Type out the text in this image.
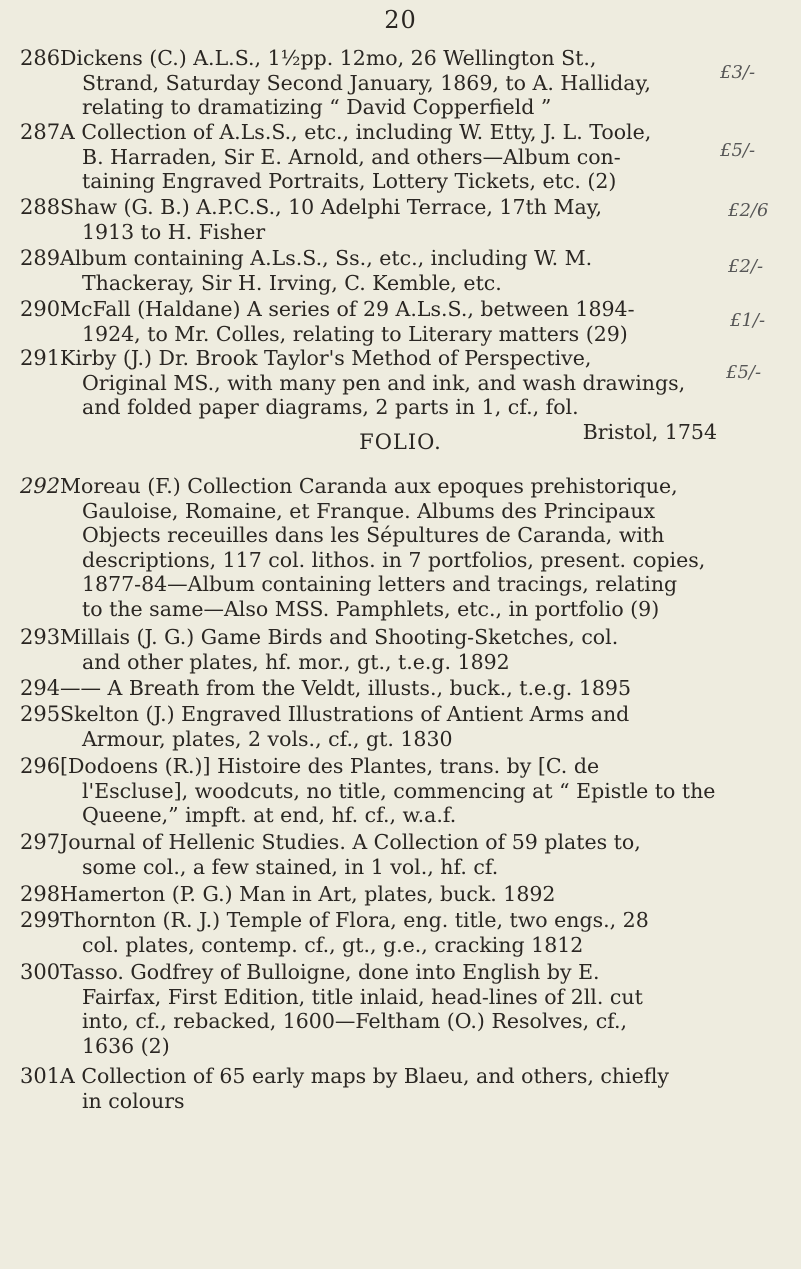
20
286 Dickens (C.) A.L.S., 1½pp. 12mo, 26 Wellington St.,
Strand, Saturday Second January, 1869, to A. Halliday,
relating to dramatizing “ David Copperfield ”
287 A Collection of A.Ls.S., etc., including W. Etty, J. L. Toole,
B. Harraden, Sir E. Arnold, and others—Album con-
taining Engraved Portraits, Lottery Tickets, etc. (2)
288 Shaw (G. B.) A.P.C.S., 10 Adelphi Terrace, 17th May,
1913 to H. Fisher
289 Album containing A.Ls.S., Ss., etc., including W. M.
Thackeray, Sir H. Irving, C. Kemble, etc.
290 McFall (Haldane) A series of 29 A.Ls.S., between 1894-
1924, to Mr. Colles, relating to Literary matters (29)
291 Kirby (J.) Dr. Brook Taylor's Method of Perspective,
Original MS., with many pen and ink, and wash drawings,
and folded paper diagrams, 2 parts in 1, cf., fol.
Bristol, 1754
FOLIO.
292 Moreau (F.) Collection Caranda aux epoques prehistorique,
Gauloise, Romaine, et Franque. Albums des Principaux
Objects receuilles dans les Sépultures de Caranda, with
descriptions, 117 col. lithos. in 7 portfolios, present. copies,
1877-84—Album containing letters and tracings, relating
to the same—Also MSS. Pamphlets, etc., in portfolio (9)
293 Millais (J. G.) Game Birds and Shooting-Sketches, col.
and other plates, hf. mor., gt., t.e.g. 1892
294 —— A Breath from the Veldt, illusts., buck., t.e.g. 1895
295 Skelton (J.) Engraved Illustrations of Antient Arms and
Armour, plates, 2 vols., cf., gt. 1830
296 [Dodoens (R.)] Histoire des Plantes, trans. by [C. de
l'Escluse], woodcuts, no title, commencing at “ Epistle to the
Queene,” impft. at end, hf. cf., w.a.f.
297 Journal of Hellenic Studies. A Collection of 59 plates to,
some col., a few stained, in 1 vol., hf. cf.
298 Hamerton (P. G.) Man in Art, plates, buck. 1892
299 Thornton (R. J.) Temple of Flora, eng. title, two engs., 28
col. plates, contemp. cf., gt., g.e., cracking 1812
300 Tasso. Godfrey of Bulloigne, done into English by E.
Fairfax, First Edition, title inlaid, head-lines of 2ll. cut
into, cf., rebacked, 1600—Feltham (O.) Resolves, cf.,
1636 (2)
301 A Collection of 65 early maps by Blaeu, and others, chiefly
in colours
£3/-
£5/-
£2/6
£2/-
£1/-
£5/-
